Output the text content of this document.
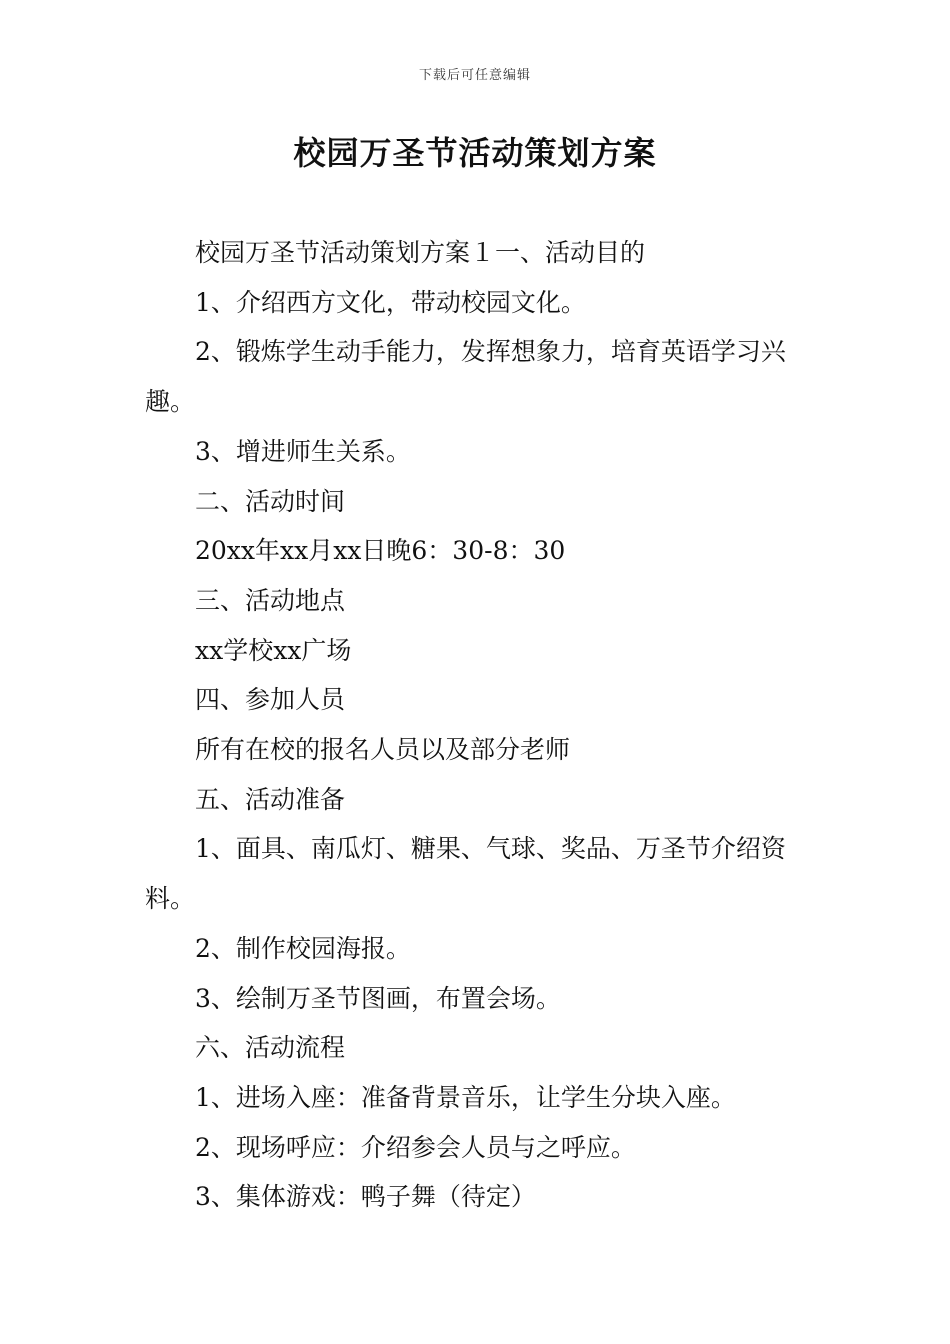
下载后可任意编辑
校园万圣节活动策划方案

校园万圣节活动策划方案１一、活动目的

1、介绍西方文化，带动校园文化。

2、锻炼学生动手能力，发挥想象力，培育英语学习兴趣。

3、增进师生关系。

二、活动时间

20xx年xx月xx日晚6：30-8：30

三、活动地点

xx学校xx广场

四、参加人员

所有在校的报名人员以及部分老师

五、活动准备

1、面具、南瓜灯、糖果、气球、奖品、万圣节介绍资料。

2、制作校园海报。

3、绘制万圣节图画，布置会场。

六、活动流程

1、进场入座：准备背景音乐，让学生分块入座。

2、现场呼应：介绍参会人员与之呼应。

3、集体游戏：鸭子舞（待定）
